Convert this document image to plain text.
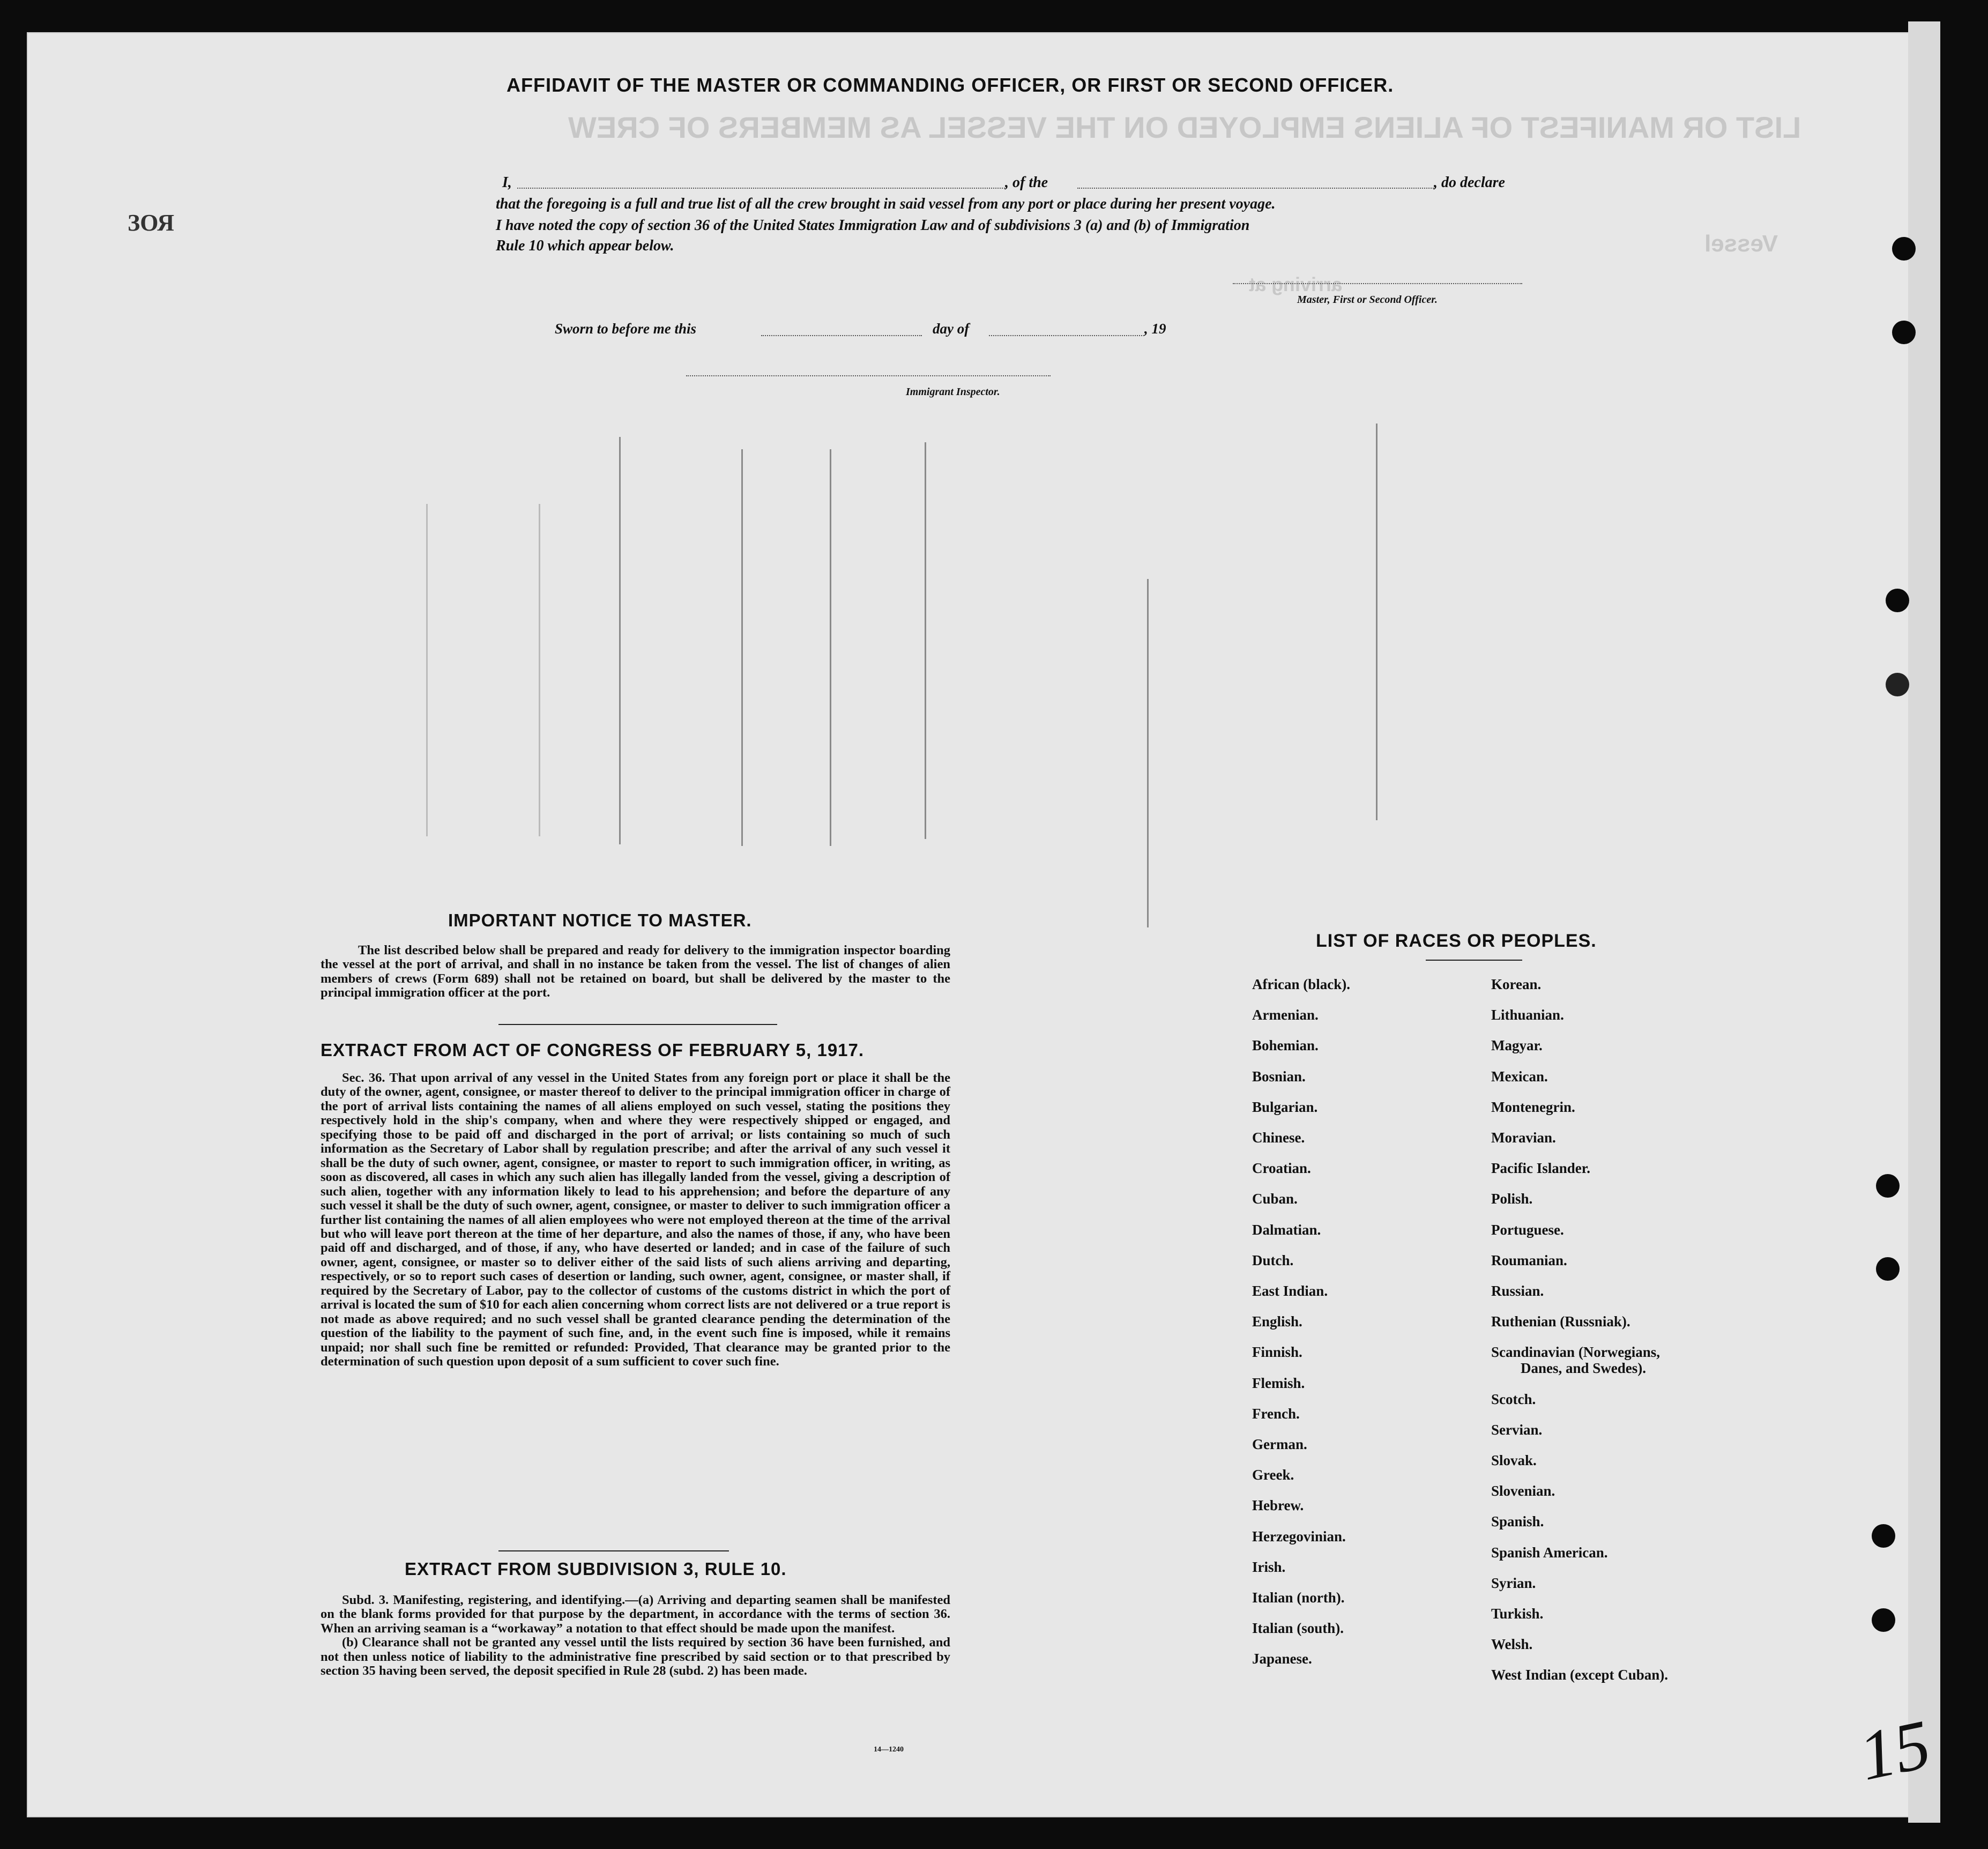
LIST OR MANIFEST OF ALIENS EMPLOYED ON THE VESSEL AS MEMBERS OF CREW
ЗОЯ
Vessel
arriving at
AFFIDAVIT OF THE MASTER OR COMMANDING OFFICER, OR FIRST OR SECOND OFFICER.
I,	, of the	, do declare
that the foregoing is a full and true list of all the crew brought in said vessel from any port or place during her present voyage.
I have noted the copy of section 36 of the United States Immigration Law and of subdivisions 3 (a) and (b) of Immigration
Rule 10 which appear below.
Master, First or Second Officer.
Sworn to before me this	day of	, 19
Immigrant Inspector.
IMPORTANT NOTICE TO MASTER.
The list described below shall be prepared and ready for delivery to the immigration inspector boarding the vessel at the port of arrival, and shall in no instance be taken from the vessel. The list of changes of alien members of crews (Form 689) shall not be retained on board, but shall be delivered by the master to the principal immigration officer at the port.
EXTRACT FROM ACT OF CONGRESS OF FEBRUARY 5, 1917.
Sec. 36. That upon arrival of any vessel in the United States from any foreign port or place it shall be the duty of the owner, agent, consignee, or master thereof to deliver to the principal immigration officer in charge of the port of arrival lists containing the names of all aliens employed on such vessel, stating the positions they respectively hold in the ship's company, when and where they were respectively shipped or engaged, and specifying those to be paid off and discharged in the port of arrival; or lists containing so much of such information as the Secretary of Labor shall by regulation prescribe; and after the arrival of any such vessel it shall be the duty of such owner, agent, consignee, or master to report to such immigration officer, in writing, as soon as discovered, all cases in which any such alien has illegally landed from the vessel, giving a description of such alien, together with any information likely to lead to his apprehension; and before the departure of any such vessel it shall be the duty of such owner, agent, consignee, or master to deliver to such immigration officer a further list containing the names of all alien employees who were not employed thereon at the time of the arrival but who will leave port thereon at the time of her departure, and also the names of those, if any, who have been paid off and discharged, and of those, if any, who have deserted or landed; and in case of the failure of such owner, agent, consignee, or master so to deliver either of the said lists of such aliens arriving and departing, respectively, or so to report such cases of desertion or landing, such owner, agent, consignee, or master shall, if required by the Secretary of Labor, pay to the collector of customs of the customs district in which the port of arrival is located the sum of $10 for each alien concerning whom correct lists are not delivered or a true report is not made as above required; and no such vessel shall be granted clearance pending the determination of the question of the liability to the payment of such fine, and, in the event such fine is imposed, while it remains unpaid; nor shall such fine be remitted or refunded: Provided, That clearance may be granted prior to the determination of such question upon deposit of a sum sufficient to cover such fine.
EXTRACT FROM SUBDIVISION 3, RULE 10.
Subd. 3. Manifesting, registering, and identifying.—(a) Arriving and departing seamen shall be manifested on the blank forms provided for that purpose by the department, in accordance with the terms of section 36. When an arriving seaman is a “workaway” a notation to that effect should be made upon the manifest.
(b) Clearance shall not be granted any vessel until the lists required by section 36 have been furnished, and not then unless notice of liability to the administrative fine prescribed by said section or to that prescribed by section 35 having been served, the deposit specified in Rule 28 (subd. 2) has been made.
14—1240
LIST OF RACES OR PEOPLES.
15
African (black).
Armenian.
Bohemian.
Bosnian.
Bulgarian.
Chinese.
Croatian.
Cuban.
Dalmatian.
Dutch.
East Indian.
English.
Finnish.
Flemish.
French.
German.
Greek.
Hebrew.
Herzegovinian.
Irish.
Italian (north).
Italian (south).
Japanese.
Korean.
Lithuanian.
Magyar.
Mexican.
Montenegrin.
Moravian.
Pacific Islander.
Polish.
Portuguese.
Roumanian.
Russian.
Ruthenian (Russniak).
Scandinavian (Norwegians,
Danes, and Swedes).
Scotch.
Servian.
Slovak.
Slovenian.
Spanish.
Spanish American.
Syrian.
Turkish.
Welsh.
West Indian (except Cuban).
